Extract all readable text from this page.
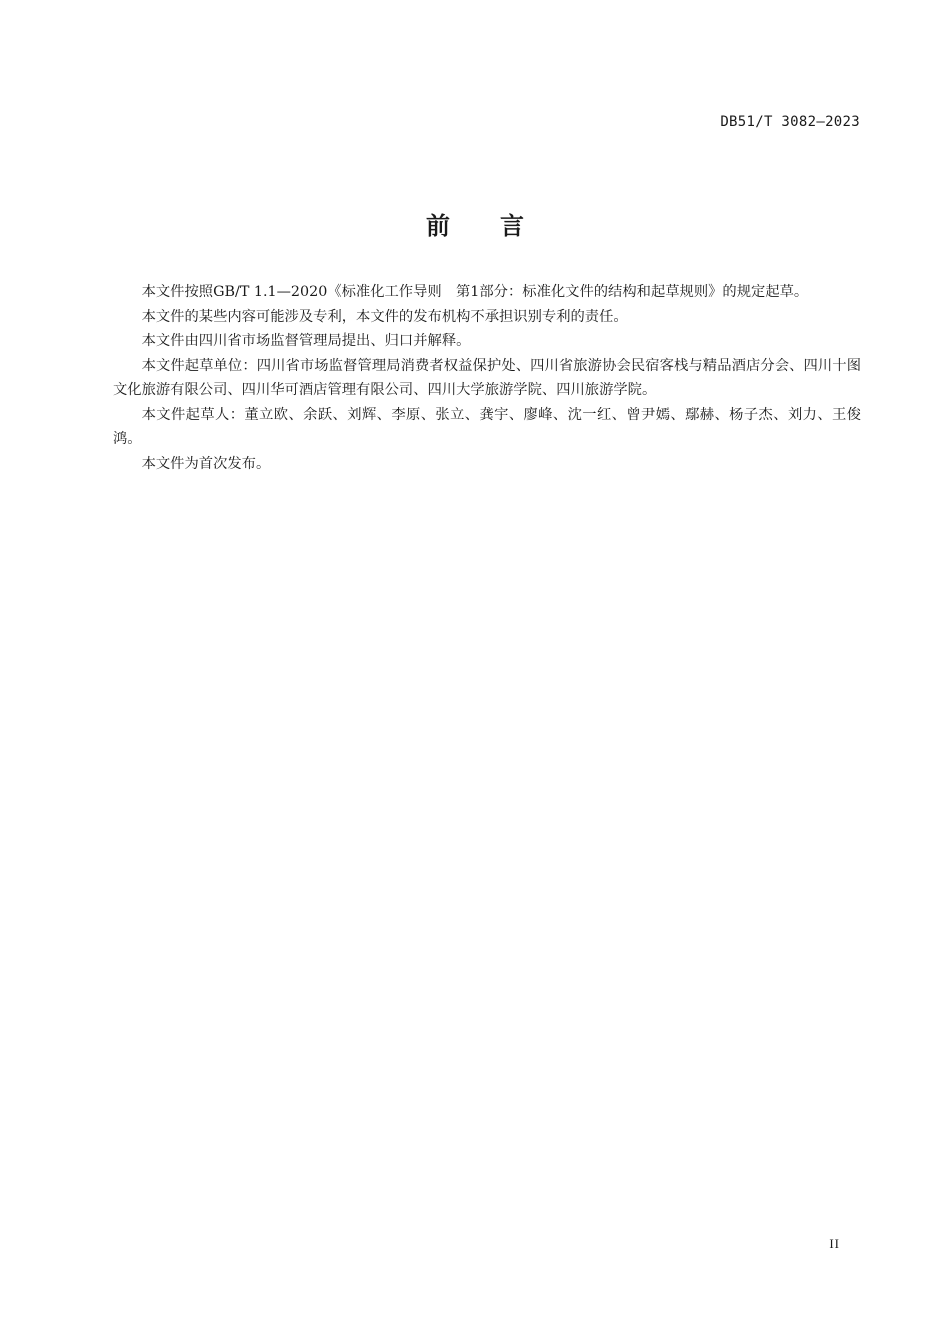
DB51/T 3082—2023
前 言

本文件按照GB/T 1.1—2020《标准化工作导则　第1部分：标准化文件的结构和起草规则》的规定起草。

本文件的某些内容可能涉及专利，本文件的发布机构不承担识别专利的责任。

本文件由四川省市场监督管理局提出、归口并解释。

本文件起草单位：四川省市场监督管理局消费者权益保护处、四川省旅游协会民宿客栈与精品酒店分会、四川十图文化旅游有限公司、四川华可酒店管理有限公司、四川大学旅游学院、四川旅游学院。

本文件起草人：董立欧、余跃、刘辉、李原、张立、龚宇、廖峰、沈一红、曾尹嫣、鄢赫、杨子杰、刘力、王俊鸿。

本文件为首次发布。

II
